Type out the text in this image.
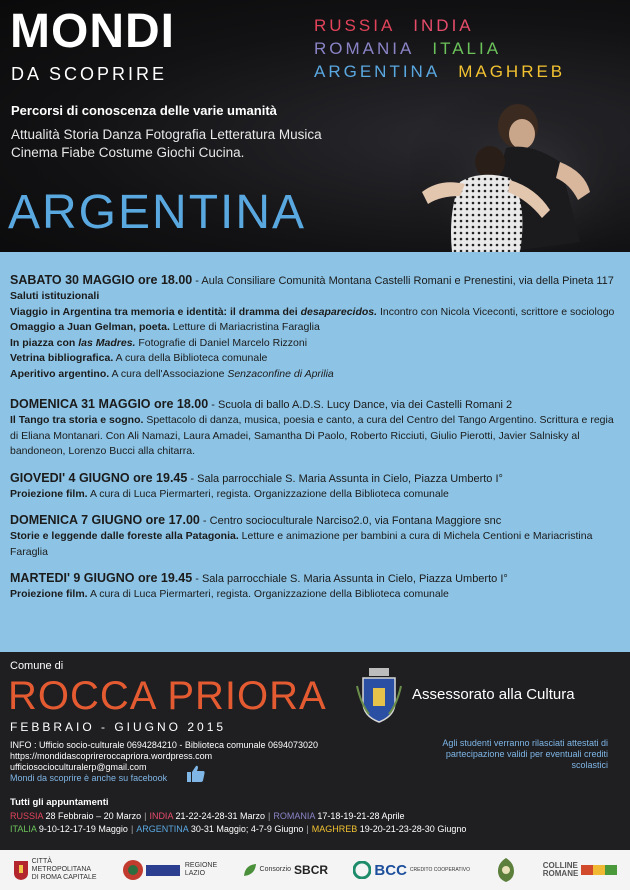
MONDI
DA SCOPRIRE
Percorsi di conoscenza delle varie umanità
Attualità Storia Danza Fotografia Letteratura Musica Cinema Fiabe Costume Giochi Cucina.
RUSSIA INDIA
ROMANIA ITALIA
ARGENTINA MAGHREB
ARGENTINA

SABATO 30 MAGGIO ore 18.00 - Aula Consiliare Comunità Montana Castelli Romani e Prenestini, via della Pineta 117

Saluti istituzionali

Viaggio in Argentina tra memoria e identità: il dramma dei desaparecidos. Incontro con Nicola Viceconti, scrittore e sociologo

Omaggio a Juan Gelman, poeta. Letture di Mariacristina Faraglia

In piazza con las Madres. Fotografie di Daniel Marcelo Rizzoni

Vetrina bibliografica. A cura della Biblioteca comunale

Aperitivo argentino. A cura dell'Associazione Senzaconfine di Aprilia

DOMENICA 31 MAGGIO ore 18.00 - Scuola di ballo A.D.S. Lucy Dance, via dei Castelli Romani 2

Il Tango tra storia e sogno. Spettacolo di danza, musica, poesia e canto, a cura del Centro del Tango Argentino. Scrittura e regia di Eliana Montanari. Con Ali Namazi, Laura Amadei, Samantha Di Paolo, Roberto Ricciuti, Giulio Pierotti, Javier Salnisky al bandoneon, Lorenzo Bucci alla chitarra.

GIOVEDI' 4 GIUGNO ore 19.45 - Sala parrocchiale S. Maria Assunta in Cielo, Piazza Umberto I°

Proiezione film. A cura di Luca Piermarteri, regista. Organizzazione della Biblioteca comunale

DOMENICA 7 GIUGNO ore 17.00 - Centro socioculturale Narciso2.0, via Fontana Maggiore snc

Storie e leggende dalle foreste alla Patagonia. Letture e animazione per bambini a cura di Michela Centioni e Mariacristina Faraglia

MARTEDI' 9 GIUGNO ore 19.45 - Sala parrocchiale S. Maria Assunta in Cielo, Piazza Umberto I°

Proiezione film. A cura di Luca Piermarteri, regista. Organizzazione della Biblioteca comunale

Comune di
ROCCA PRIORA
FEBBRAIO - GIUGNO 2015
INFO : Ufficio socio-culturale 0694284210 - Biblioteca comunale 0694073020
https://mondidascoprireroccapriora.wordpress.com
ufficiosocioculturalerp@gmail.com
Mondi da scoprire è anche su facebook
Assessorato alla Cultura
Agli studenti verranno rilasciati attestati di partecipazione validi per eventuali crediti scolastici
Tutti gli appuntamenti
RUSSIA 28 Febbraio – 20 Marzo | INDIA 21-22-24-28-31 Marzo | ROMANIA 17-18-19-21-28 Aprile
ITALIA 9-10-12-17-19 Maggio | ARGENTINA 30-31 Maggio; 4-7-9 Giugno | MAGHREB 19-20-21-23-28-30 Giugno
CITTÀ
METROPOLITANA
DI ROMA CAPITALE
REGIONE
LAZIO
Consorzio SBCR	BCC CREDITO COOPERATIVO	COLLINE
ROMANE
